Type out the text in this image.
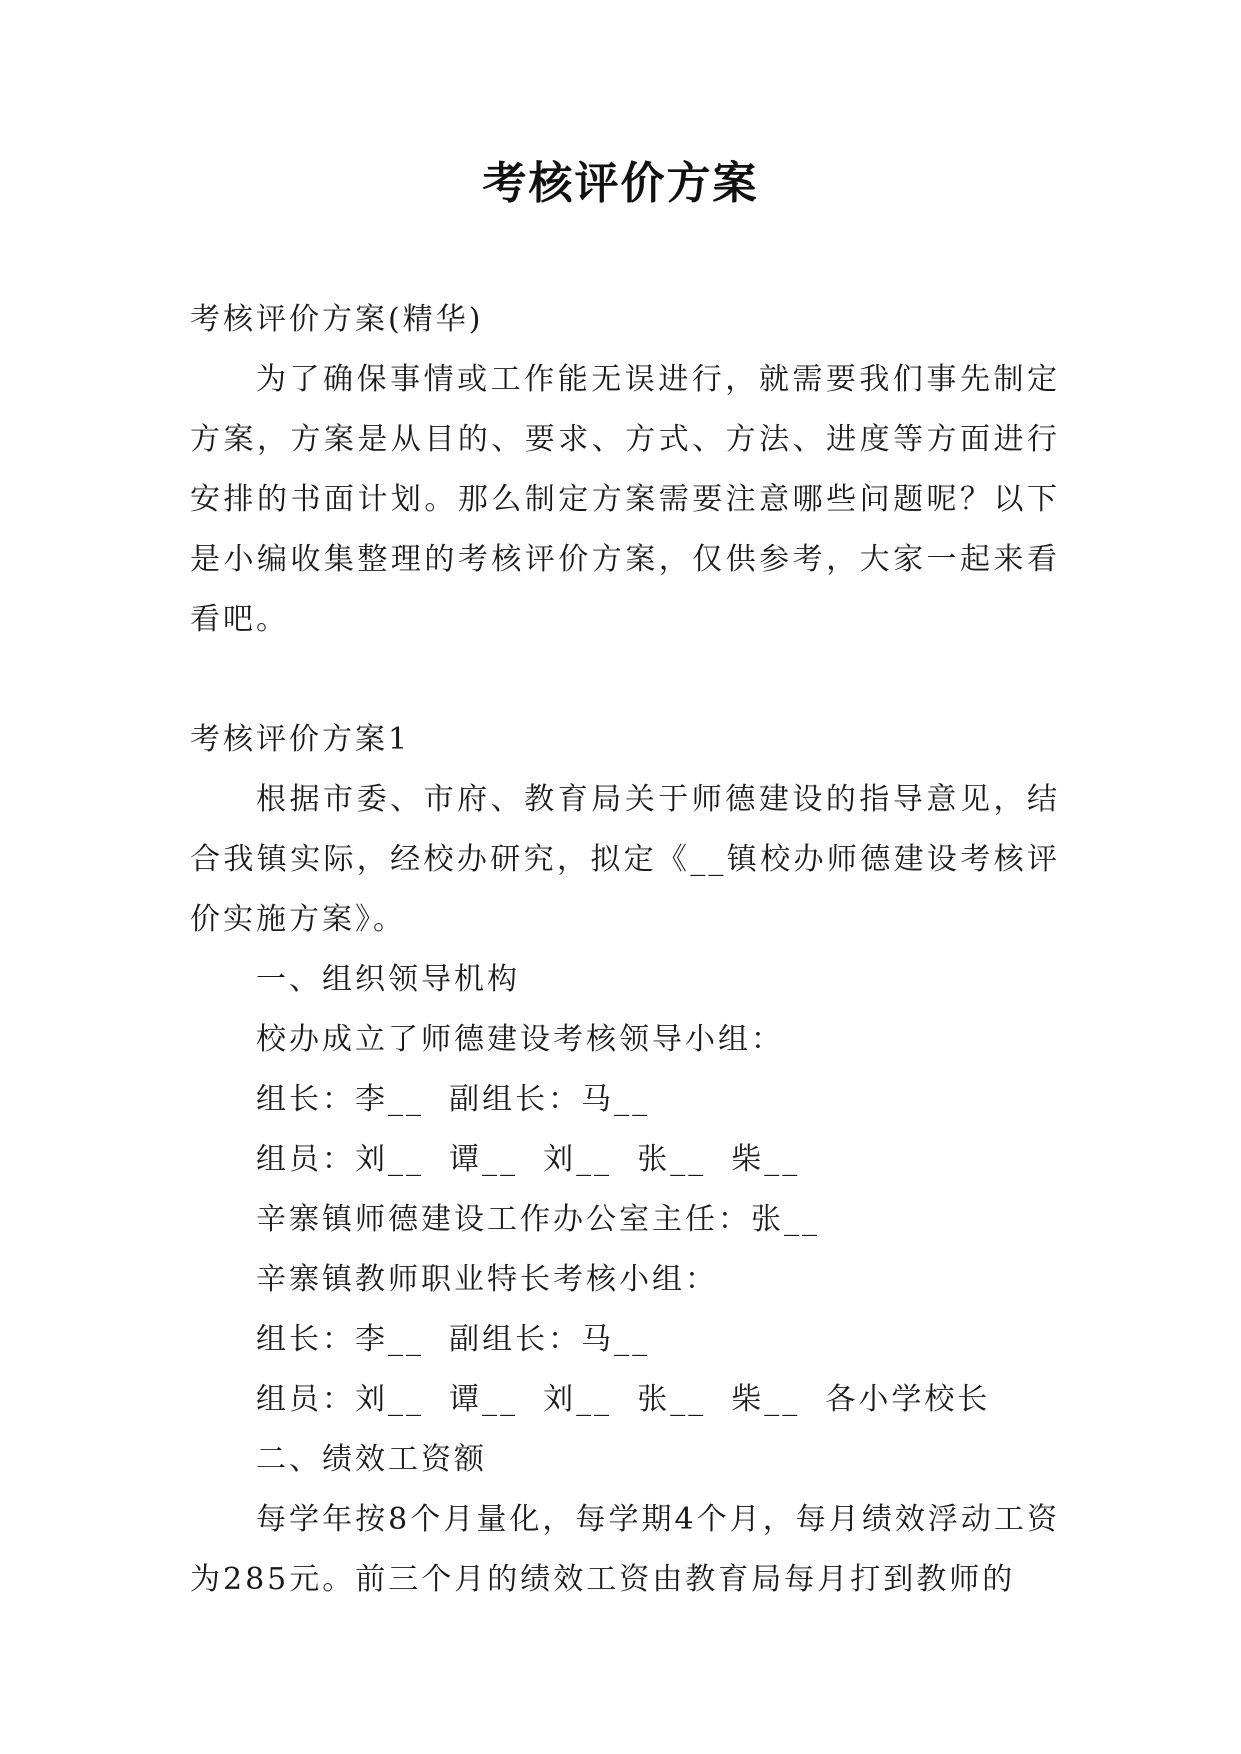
考核评价方案

考核评价方案(精华)

为了确保事情或工作能无误进行，就需要我们事先制定方案，方案是从目的、要求、方式、方法、进度等方面进行安排的书面计划。那么制定方案需要注意哪些问题呢？以下是小编收集整理的考核评价方案，仅供参考，大家一起来看看吧。

考核评价方案1

根据市委、市府、教育局关于师德建设的指导意见，结合我镇实际，经校办研究，拟定《__镇校办师德建设考核评价实施方案》。

一、组织领导机构

校办成立了师德建设考核领导小组：

组长：李__  副组长：马__

组员：刘__  谭__  刘__  张__  柴__

辛寨镇师德建设工作办公室主任：张__

辛寨镇教师职业特长考核小组：

组长：李__  副组长：马__

组员：刘__  谭__  刘__  张__  柴__  各小学校长

二、绩效工资额

每学年按8个月量化，每学期4个月，每月绩效浮动工资为285元。前三个月的绩效工资由教育局每月打到教师的
